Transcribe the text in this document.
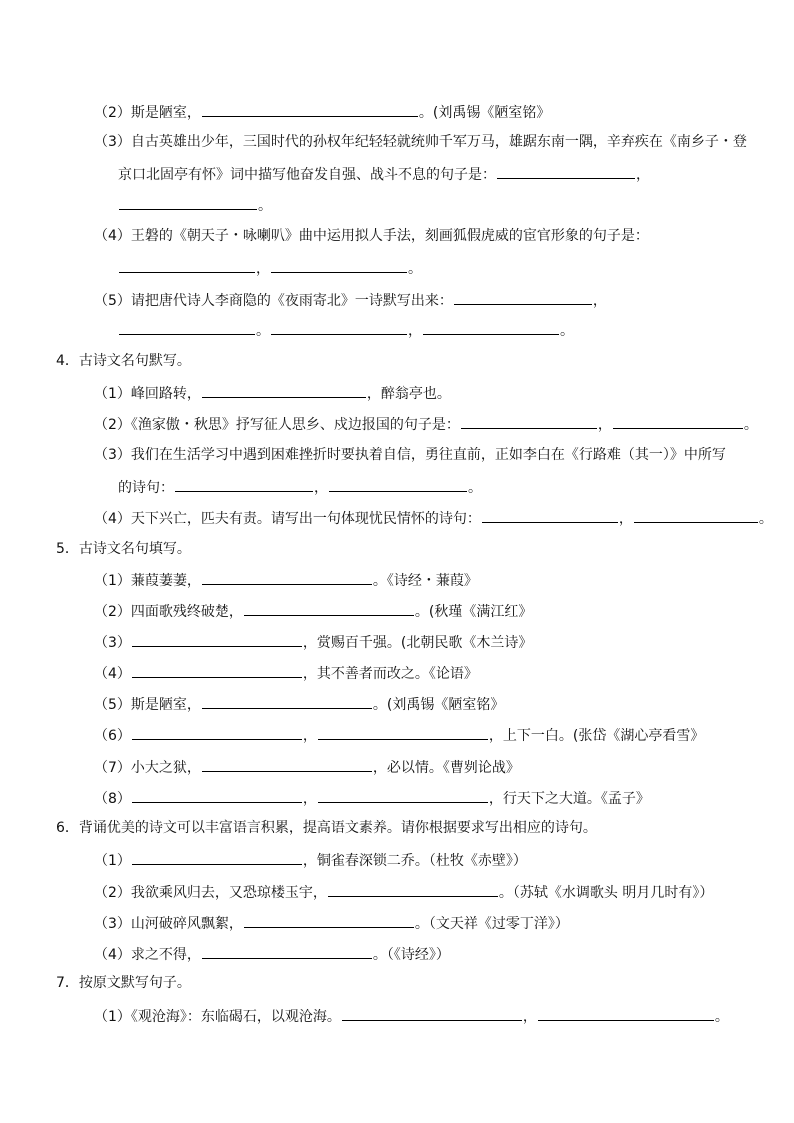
（2）斯是陋室，	。(刘禹锡《陋室铭》
（3）自古英雄出少年，三国时代的孙权年纪轻轻就统帅千军万马，雄踞东南一隅，辛弃疾在《南乡子・登
京口北固亭有怀》词中描写他奋发自强、战斗不息的句子是：	，
。
（4）王磐的《朝天子・咏喇叭》曲中运用拟人手法，刻画狐假虎威的宦官形象的句子是：
，	。
（5）请把唐代诗人李商隐的《夜雨寄北》一诗默写出来：	，
。	，	。
4．古诗文名句默写。
（1）峰回路转，	，醉翁亭也。
（2）《渔家傲・秋思》抒写征人思乡、戍边报国的句子是：	，	。
（3）我们在生活学习中遇到困难挫折时要执着自信，勇往直前，正如李白在《行路难（其一）》中所写
的诗句：	，	。
（4）天下兴亡，匹夫有责。请写出一句体现忧民情怀的诗句：	，	。
5．古诗文名句填写。
（1）蒹葭萋萋，	。《诗经・蒹葭》
（2）四面歌残终破楚，	。(秋瑾《满江红》
（3）	，赏赐百千强。(北朝民歌《木兰诗》
（4）	，其不善者而改之。《论语》
（5）斯是陋室，	。(刘禹锡《陋室铭》
（6）	，	，上下一白。(张岱《湖心亭看雪》
（7）小大之狱，	，必以情。《曹刿论战》
（8）	，	，行天下之大道。《孟子》
6．背诵优美的诗文可以丰富语言积累，提高语文素养。请你根据要求写出相应的诗句。
（1）	，铜雀春深锁二乔。（杜牧《赤壁》）
（2）我欲乘风归去，又恐琼楼玉宇，	。（苏轼《水调歌头 明月几时有》）
（3）山河破碎风飘絮，	。（文天祥《过零丁洋》）
（4）求之不得，	。（《诗经》）
7．按原文默写句子。
（1）《观沧海》：东临碣石，以观沧海。	，	。
